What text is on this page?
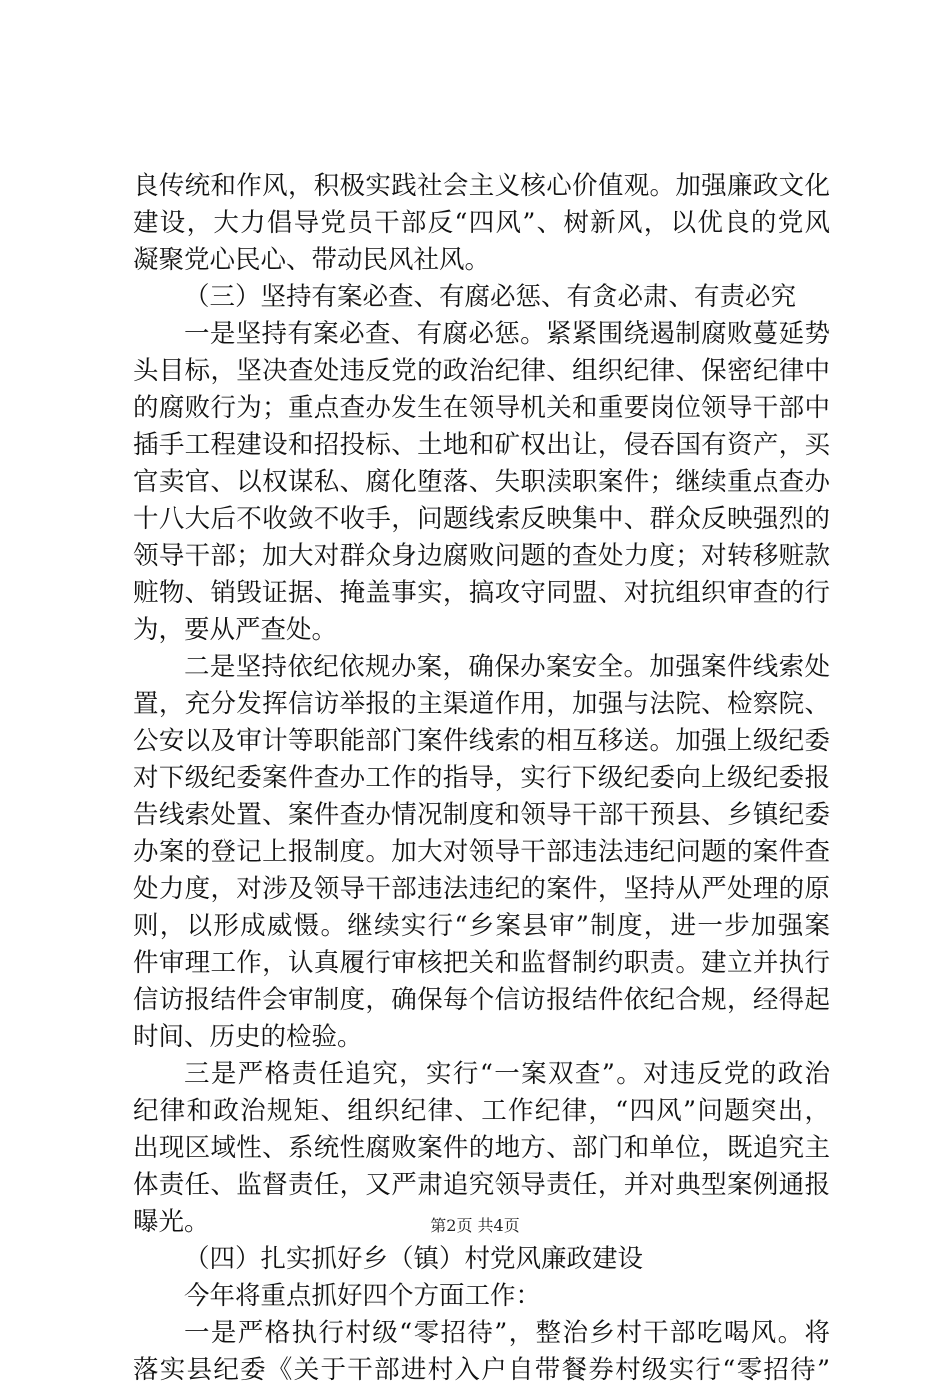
良传统和作风，积极实践社会主义核心价值观。加强廉政文化
建设，大力倡导党员干部反“四风”、树新风，以优良的党风
凝聚党心民心、带动民风社风。
（三）坚持有案必查、有腐必惩、有贪必肃、有责必究
一是坚持有案必查、有腐必惩。紧紧围绕遏制腐败蔓延势
头目标，坚决查处违反党的政治纪律、组织纪律、保密纪律中
的腐败行为；重点查办发生在领导机关和重要岗位领导干部中
插手工程建设和招投标、土地和矿权出让，侵吞国有资产，买
官卖官、以权谋私、腐化堕落、失职渎职案件；继续重点查办
十八大后不收敛不收手，问题线索反映集中、群众反映强烈的
领导干部；加大对群众身边腐败问题的查处力度；对转移赃款
赃物、销毁证据、掩盖事实，搞攻守同盟、对抗组织审查的行
为，要从严查处。
二是坚持依纪依规办案，确保办案安全。加强案件线索处
置，充分发挥信访举报的主渠道作用，加强与法院、检察院、
公安以及审计等职能部门案件线索的相互移送。加强上级纪委
对下级纪委案件查办工作的指导，实行下级纪委向上级纪委报
告线索处置、案件查办情况制度和领导干部干预县、乡镇纪委
办案的登记上报制度。加大对领导干部违法违纪问题的案件查
处力度，对涉及领导干部违法违纪的案件，坚持从严处理的原
则，以形成威慑。继续实行“乡案县审”制度，进一步加强案
件审理工作，认真履行审核把关和监督制约职责。建立并执行
信访报结件会审制度，确保每个信访报结件依纪合规，经得起
时间、历史的检验。
三是严格责任追究，实行“一案双查”。对违反党的政治
纪律和政治规矩、组织纪律、工作纪律，“四风”问题突出，
出现区域性、系统性腐败案件的地方、部门和单位，既追究主
体责任、监督责任，又严肃追究领导责任，并对典型案例通报
曝光。
（四）扎实抓好乡（镇）村党风廉政建设
今年将重点抓好四个方面工作：
一是严格执行村级“零招待”，整治乡村干部吃喝风。将
落实县纪委《关于干部进村入户自带餐券村级实行“零招待”
第2页 共4页
